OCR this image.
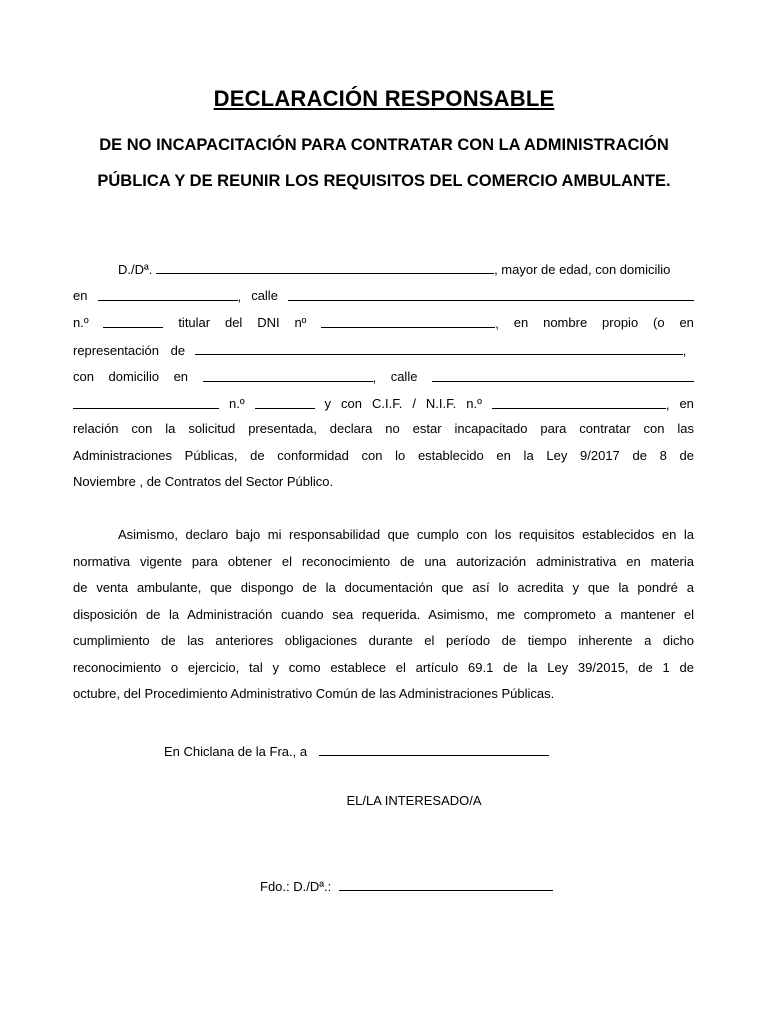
DECLARACIÓN RESPONSABLE
DE NO INCAPACITACIÓN PARA CONTRATAR CON LA ADMINISTRACIÓN
PÚBLICA Y DE REUNIR LOS REQUISITOS DEL COMERCIO AMBULANTE.
D./Dª.	, mayor de edad, con domicilio
en	, calle
n.º	titular del DNI nº	, en nombre propio (o en
representación de	,
con domicilio en	, calle
n.º	y con C.I.F. / N.I.F. n.º	, en
relación con la solicitud presentada, declara no estar incapacitado para contratar con las
Administraciones Públicas, de conformidad con lo establecido en la Ley 9/2017 de 8 de
Noviembre , de Contratos del Sector Público.
Asimismo, declaro bajo mi responsabilidad que cumplo con los requisitos establecidos en la
normativa vigente para obtener el reconocimiento de una autorización administrativa en materia
de venta ambulante, que dispongo de la documentación que así lo acredita y que la pondré a
disposición de la Administración cuando sea requerida. Asimismo, me comprometo a mantener el
cumplimiento de las anteriores obligaciones durante el período de tiempo inherente a dicho
reconocimiento o ejercicio, tal y como establece el artículo 69.1 de la Ley 39/2015, de 1 de
octubre, del Procedimiento Administrativo Común de las Administraciones Públicas.
En Chiclana de la Fra., a
EL/LA INTERESADO/A
Fdo.: D./Dª.:
